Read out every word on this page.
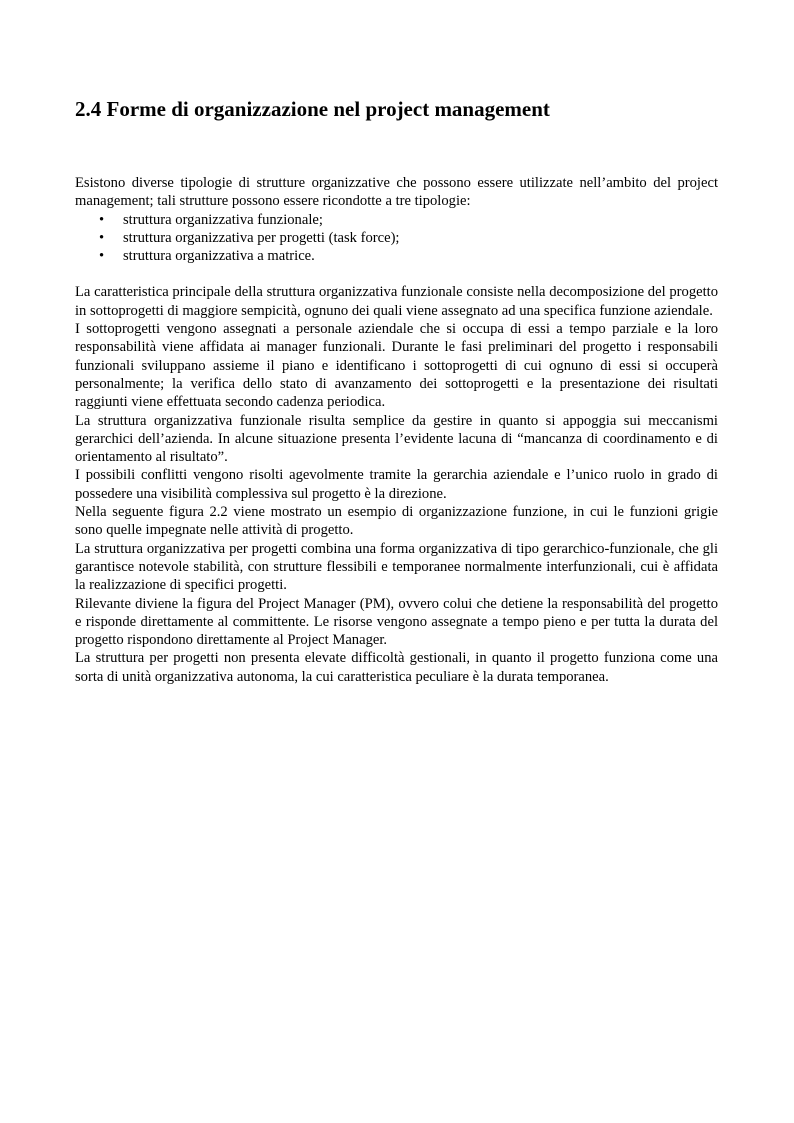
2.4 Forme di organizzazione nel project management

Esistono diverse tipologie di strutture organizzative che possono essere utilizzate nell’ambito del project management; tali strutture possono essere ricondotte a tre tipologie:

• struttura organizzativa funzionale;
• struttura organizzativa per progetti (task force);
• struttura organizzativa a matrice.

La caratteristica principale della struttura organizzativa funzionale consiste nella decomposizione del progetto in sottoprogetti di maggiore sempicità, ognuno dei quali viene assegnato ad una specifica funzione aziendale.

I sottoprogetti vengono assegnati a personale aziendale che si occupa di essi a tempo parziale e la loro responsabilità viene affidata ai manager funzionali. Durante le fasi preliminari del progetto i responsabili funzionali sviluppano assieme il piano e identificano i sottoprogetti di cui ognuno di essi si occuperà personalmente; la verifica dello stato di avanzamento dei sottoprogetti e la presentazione dei risultati raggiunti viene effettuata secondo cadenza periodica.

La struttura organizzativa funzionale risulta semplice da gestire in quanto si appoggia sui meccanismi gerarchici dell’azienda. In alcune situazione presenta l’evidente lacuna di “mancanza di coordinamento e di orientamento al risultato”.

I possibili conflitti vengono risolti agevolmente tramite la gerarchia aziendale e l’unico ruolo in grado di possedere una visibilità complessiva sul progetto è la direzione.

Nella seguente figura 2.2 viene mostrato un esempio di organizzazione funzione, in cui le funzioni grigie sono quelle impegnate nelle attività di progetto.

La struttura organizzativa per progetti combina una forma organizzativa di tipo gerarchico-funzionale, che gli garantisce notevole stabilità, con strutture flessibili e temporanee normalmente interfunzionali, cui è affidata la realizzazione di specifici progetti.

Rilevante diviene la figura del Project Manager (PM), ovvero colui che detiene la responsabilità del progetto e risponde direttamente al committente. Le risorse vengono assegnate a tempo pieno e per tutta la durata del progetto rispondono direttamente al Project Manager.

La struttura per progetti non presenta elevate difficoltà gestionali, in quanto il progetto funziona come una sorta di unità organizzativa autonoma, la cui caratteristica peculiare è la durata temporanea.
